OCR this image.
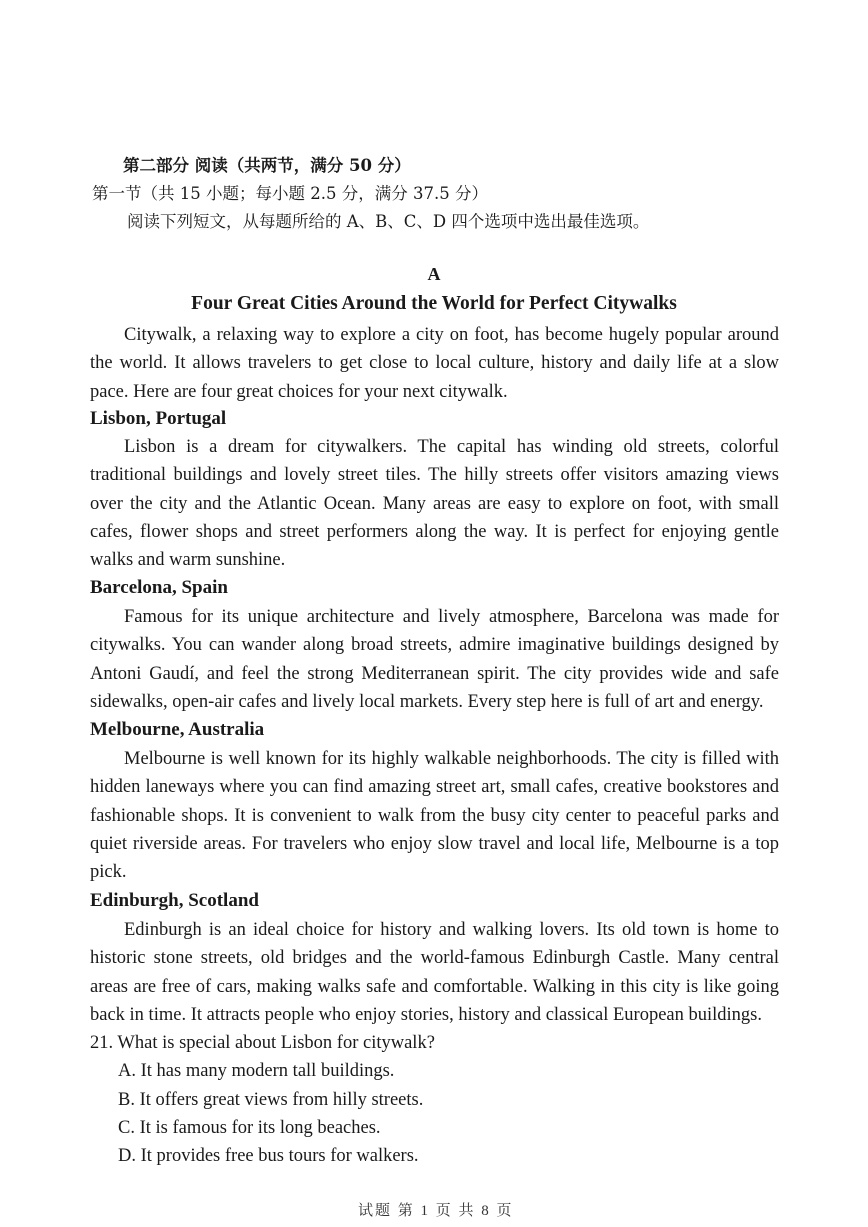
第二部分 阅读（共两节，满分 50 分）
第一节（共 15 小题；每小题 2.5 分，满分 37.5 分）
阅读下列短文，从每题所给的 A、B、C、D 四个选项中选出最佳选项。
A
Four Great Cities Around the World for Perfect Citywalks

Citywalk, a relaxing way to explore a city on foot, has become hugely popular around the world. It allows travelers to get close to local culture, history and daily life at a slow pace. Here are four great choices for your next citywalk.

Lisbon, Portugal

Lisbon is a dream for citywalkers. The capital has winding old streets, colorful traditional buildings and lovely street tiles. The hilly streets offer visitors amazing views over the city and the Atlantic Ocean. Many areas are easy to explore on foot, with small cafes, flower shops and street performers along the way. It is perfect for enjoying gentle walks and warm sunshine.

Barcelona, Spain

Famous for its unique architecture and lively atmosphere, Barcelona was made for citywalks. You can wander along broad streets, admire imaginative buildings designed by Antoni Gaudí, and feel the strong Mediterranean spirit. The city provides wide and safe sidewalks, open-air cafes and lively local markets. Every step here is full of art and energy.

Melbourne, Australia

Melbourne is well known for its highly walkable neighborhoods. The city is filled with hidden laneways where you can find amazing street art, small cafes, creative bookstores and fashionable shops. It is convenient to walk from the busy city center to peaceful parks and quiet riverside areas. For travelers who enjoy slow travel and local life, Melbourne is a top pick.

Edinburgh, Scotland

Edinburgh is an ideal choice for history and walking lovers. Its old town is home to historic stone streets, old bridges and the world-famous Edinburgh Castle. Many central areas are free of cars, making walks safe and comfortable. Walking in this city is like going back in time. It attracts people who enjoy stories, history and classical European buildings.

21. What is special about Lisbon for citywalk?

A. It has many modern tall buildings.

B. It offers great views from hilly streets.

C. It is famous for its long beaches.

D. It provides free bus tours for walkers.

试题 第 1 页 共 8 页
